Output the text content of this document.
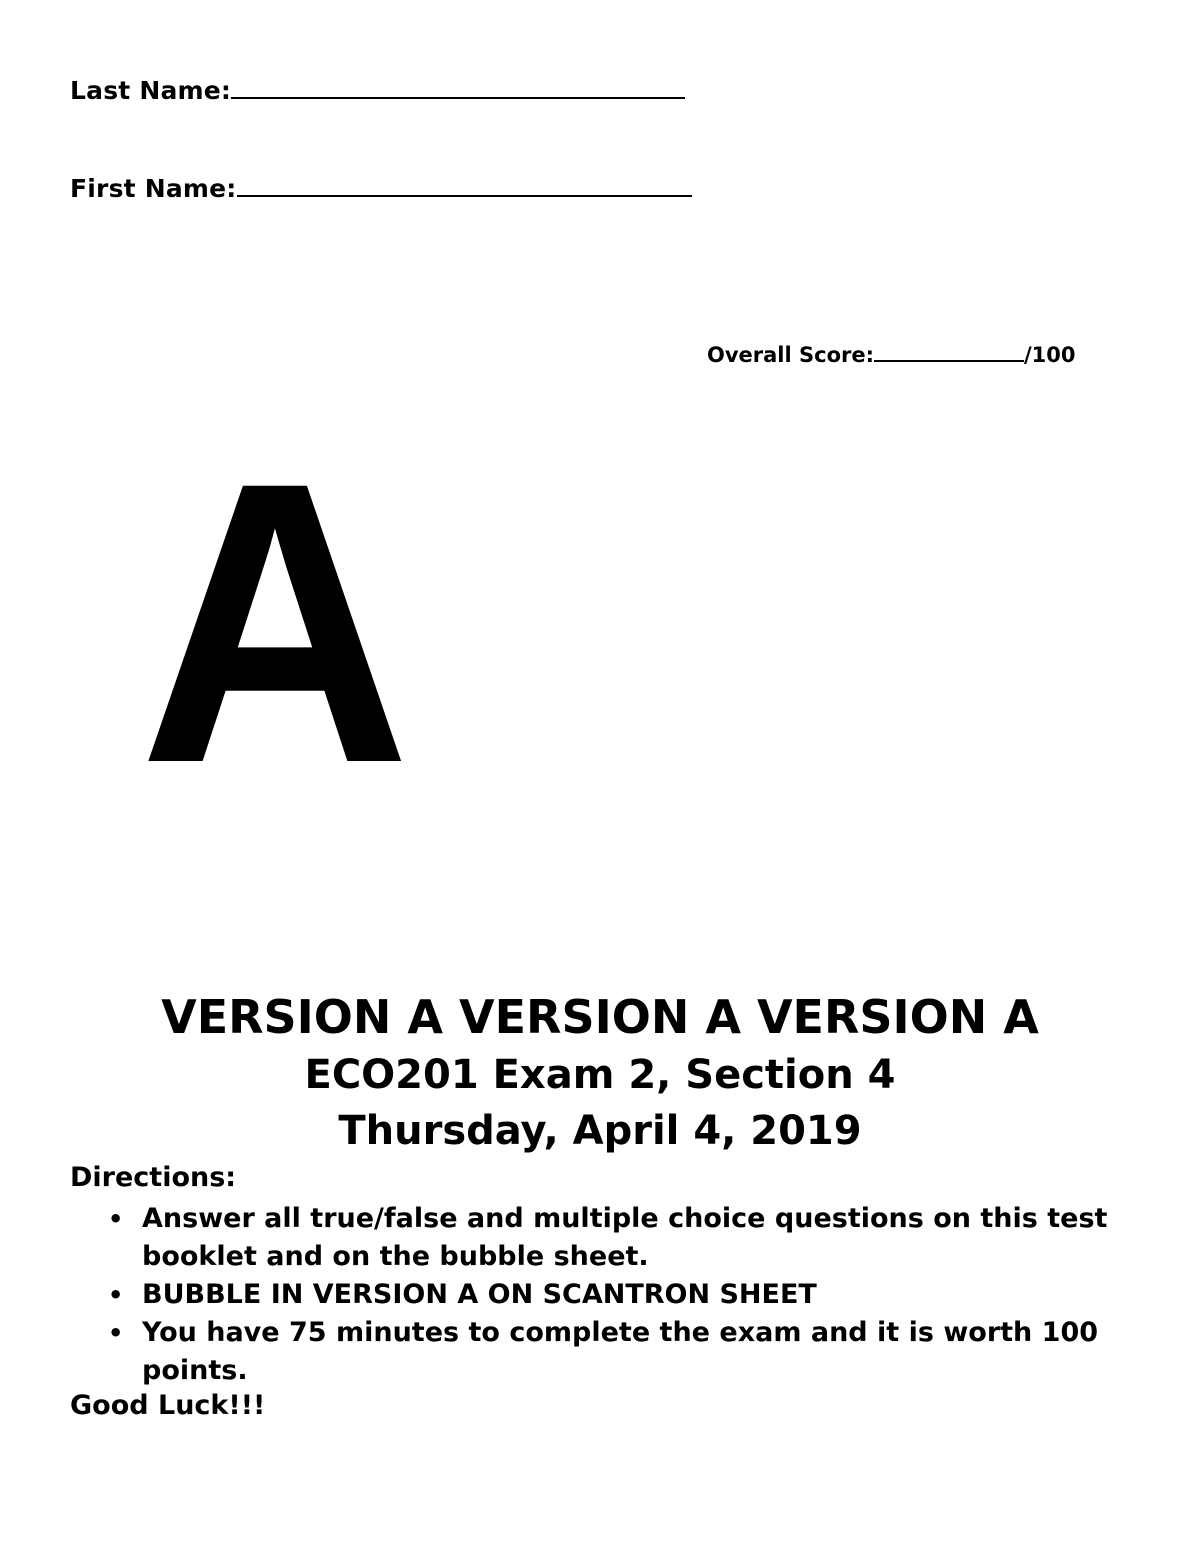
Last Name:
First Name:
Overall Score:	/100
A
VERSION A VERSION A VERSION A
ECO201 Exam 2, Section 4
Thursday, April 4, 2019
Directions:
• Answer all true/false and multiple choice questions on this test booklet and on the bubble sheet.
• BUBBLE IN VERSION A ON SCANTRON SHEET
• You have 75 minutes to complete the exam and it is worth 100 points.
Good Luck!!!
